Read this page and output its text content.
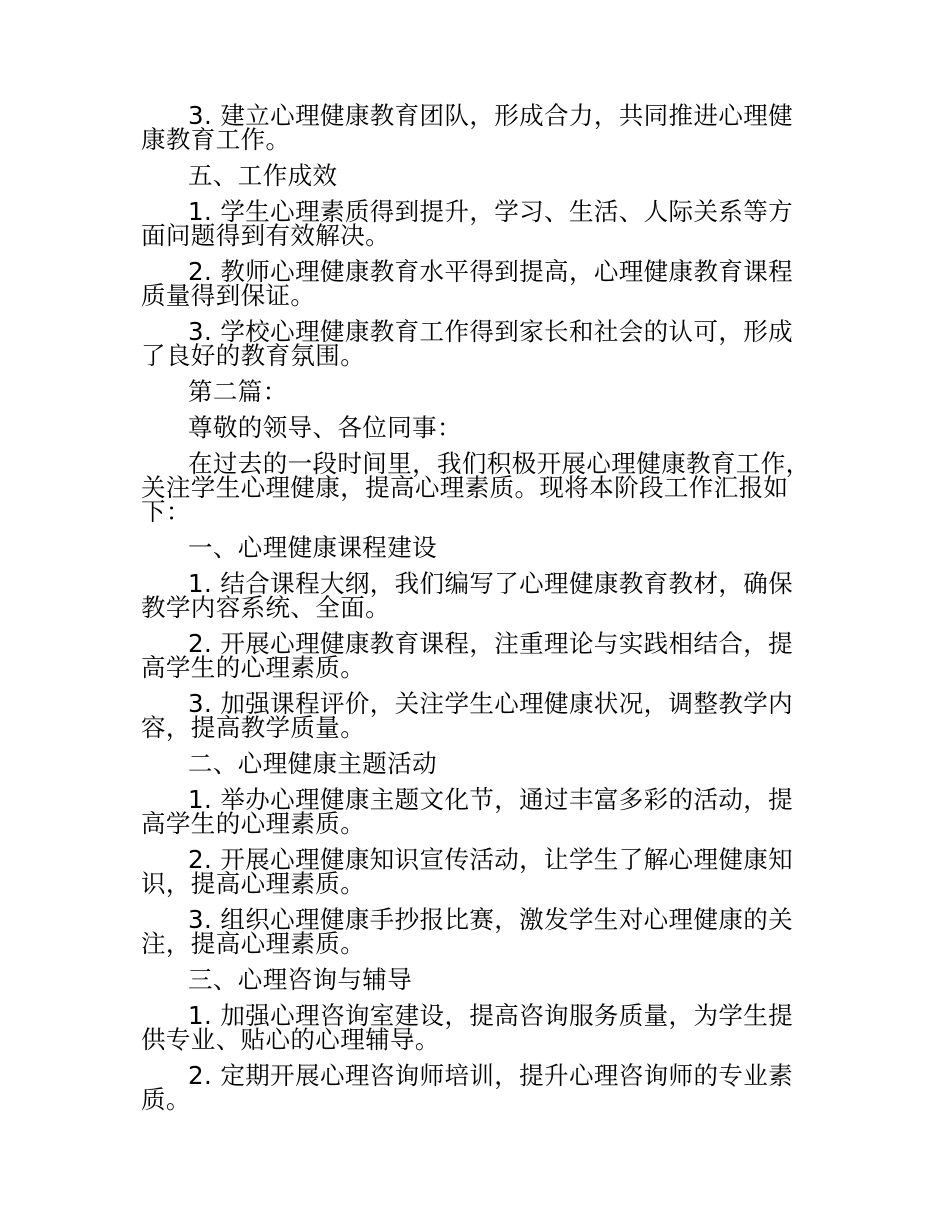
3. 建立心理健康教育团队，形成合力，共同推进心理健康教育工作。

五、工作成效

1. 学生心理素质得到提升，学习、生活、人际关系等方面问题得到有效解决。

2. 教师心理健康教育水平得到提高，心理健康教育课程质量得到保证。

3. 学校心理健康教育工作得到家长和社会的认可，形成了良好的教育氛围。

第二篇：

尊敬的领导、各位同事：

在过去的一段时间里，我们积极开展心理健康教育工作，关注学生心理健康，提高心理素质。现将本阶段工作汇报如下：

一、心理健康课程建设

1. 结合课程大纲，我们编写了心理健康教育教材，确保教学内容系统、全面。

2. 开展心理健康教育课程，注重理论与实践相结合，提高学生的心理素质。

3. 加强课程评价，关注学生心理健康状况，调整教学内容，提高教学质量。

二、心理健康主题活动

1. 举办心理健康主题文化节，通过丰富多彩的活动，提高学生的心理素质。

2. 开展心理健康知识宣传活动，让学生了解心理健康知识，提高心理素质。

3. 组织心理健康手抄报比赛，激发学生对心理健康的关注，提高心理素质。

三、心理咨询与辅导

1. 加强心理咨询室建设，提高咨询服务质量，为学生提供专业、贴心的心理辅导。

2. 定期开展心理咨询师培训，提升心理咨询师的专业素质。
